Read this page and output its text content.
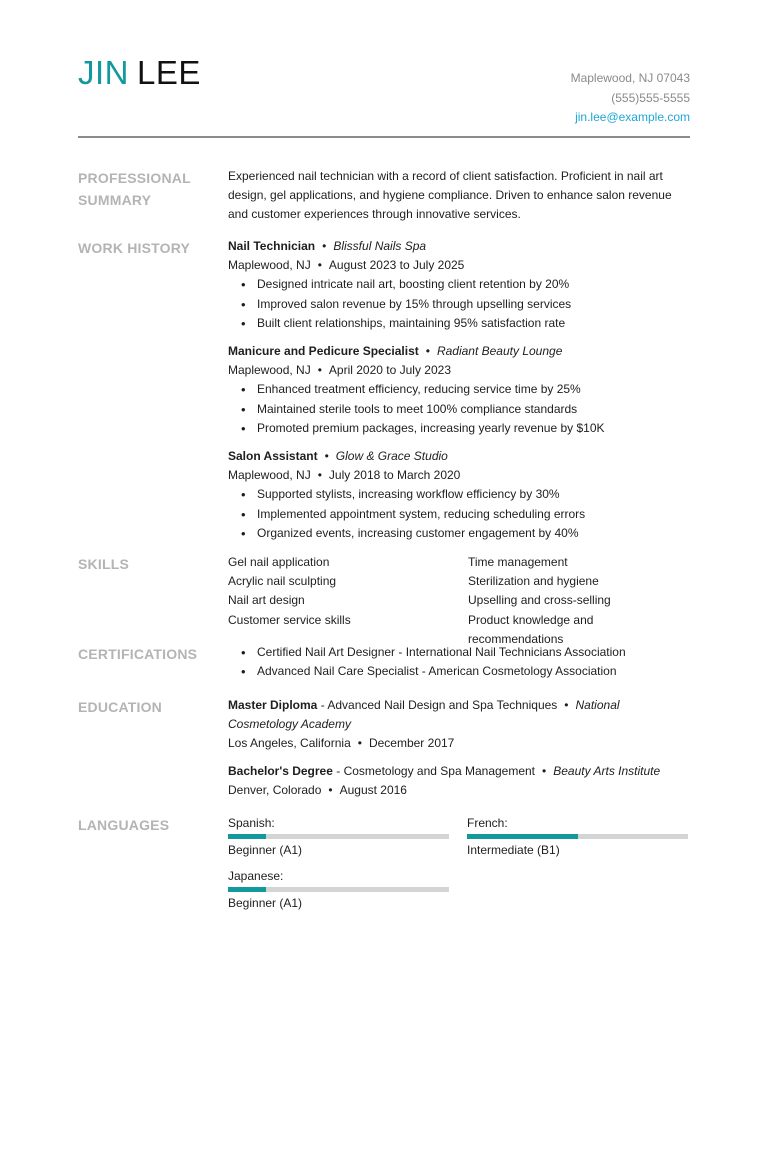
JIN LEE	Maplewood, NJ 07043
(555)555-5555
jin.lee@example.com
PROFESSIONAL SUMMARY

Experienced nail technician with a record of client satisfaction. Proficient in nail art design, gel applications, and hygiene compliance. Driven to enhance salon revenue and customer experiences through innovative services.

WORK HISTORY	Nail Technician • Blissful Nails Spa
Maplewood, NJ • August 2023 to July 2025
• Designed intricate nail art, boosting client retention by 20%
• Improved salon revenue by 15% through upselling services
• Built client relationships, maintaining 95% satisfaction rate
Manicure and Pedicure Specialist • Radiant Beauty Lounge
Maplewood, NJ • April 2020 to July 2023
• Enhanced treatment efficiency, reducing service time by 25%
• Maintained sterile tools to meet 100% compliance standards
• Promoted premium packages, increasing yearly revenue by $10K
Salon Assistant • Glow & Grace Studio
Maplewood, NJ • July 2018 to March 2020
• Supported stylists, increasing workflow efficiency by 30%
• Implemented appointment system, reducing scheduling errors
• Organized events, increasing customer engagement by 40%
SKILLS	Gel nail application	Time management
Acrylic nail sculpting	Sterilization and hygiene
Nail art design	Upselling and cross-selling
Customer service skills	Product knowledge and recommendations
CERTIFICATIONS
•	Certified Nail Art Designer - International Nail Technicians Association
• Advanced Nail Care Specialist - American Cosmetology Association
EDUCATION	Master Diploma - Advanced Nail Design and Spa Techniques • National Cosmetology Academy
Los Angeles, California • December 2017
Bachelor's Degree - Cosmetology and Spa Management • Beauty Arts Institute
Denver, Colorado • August 2016
LANGUAGES	Spanish:
Beginner (A1)
French:
Intermediate (B1)
Japanese:
Beginner (A1)
